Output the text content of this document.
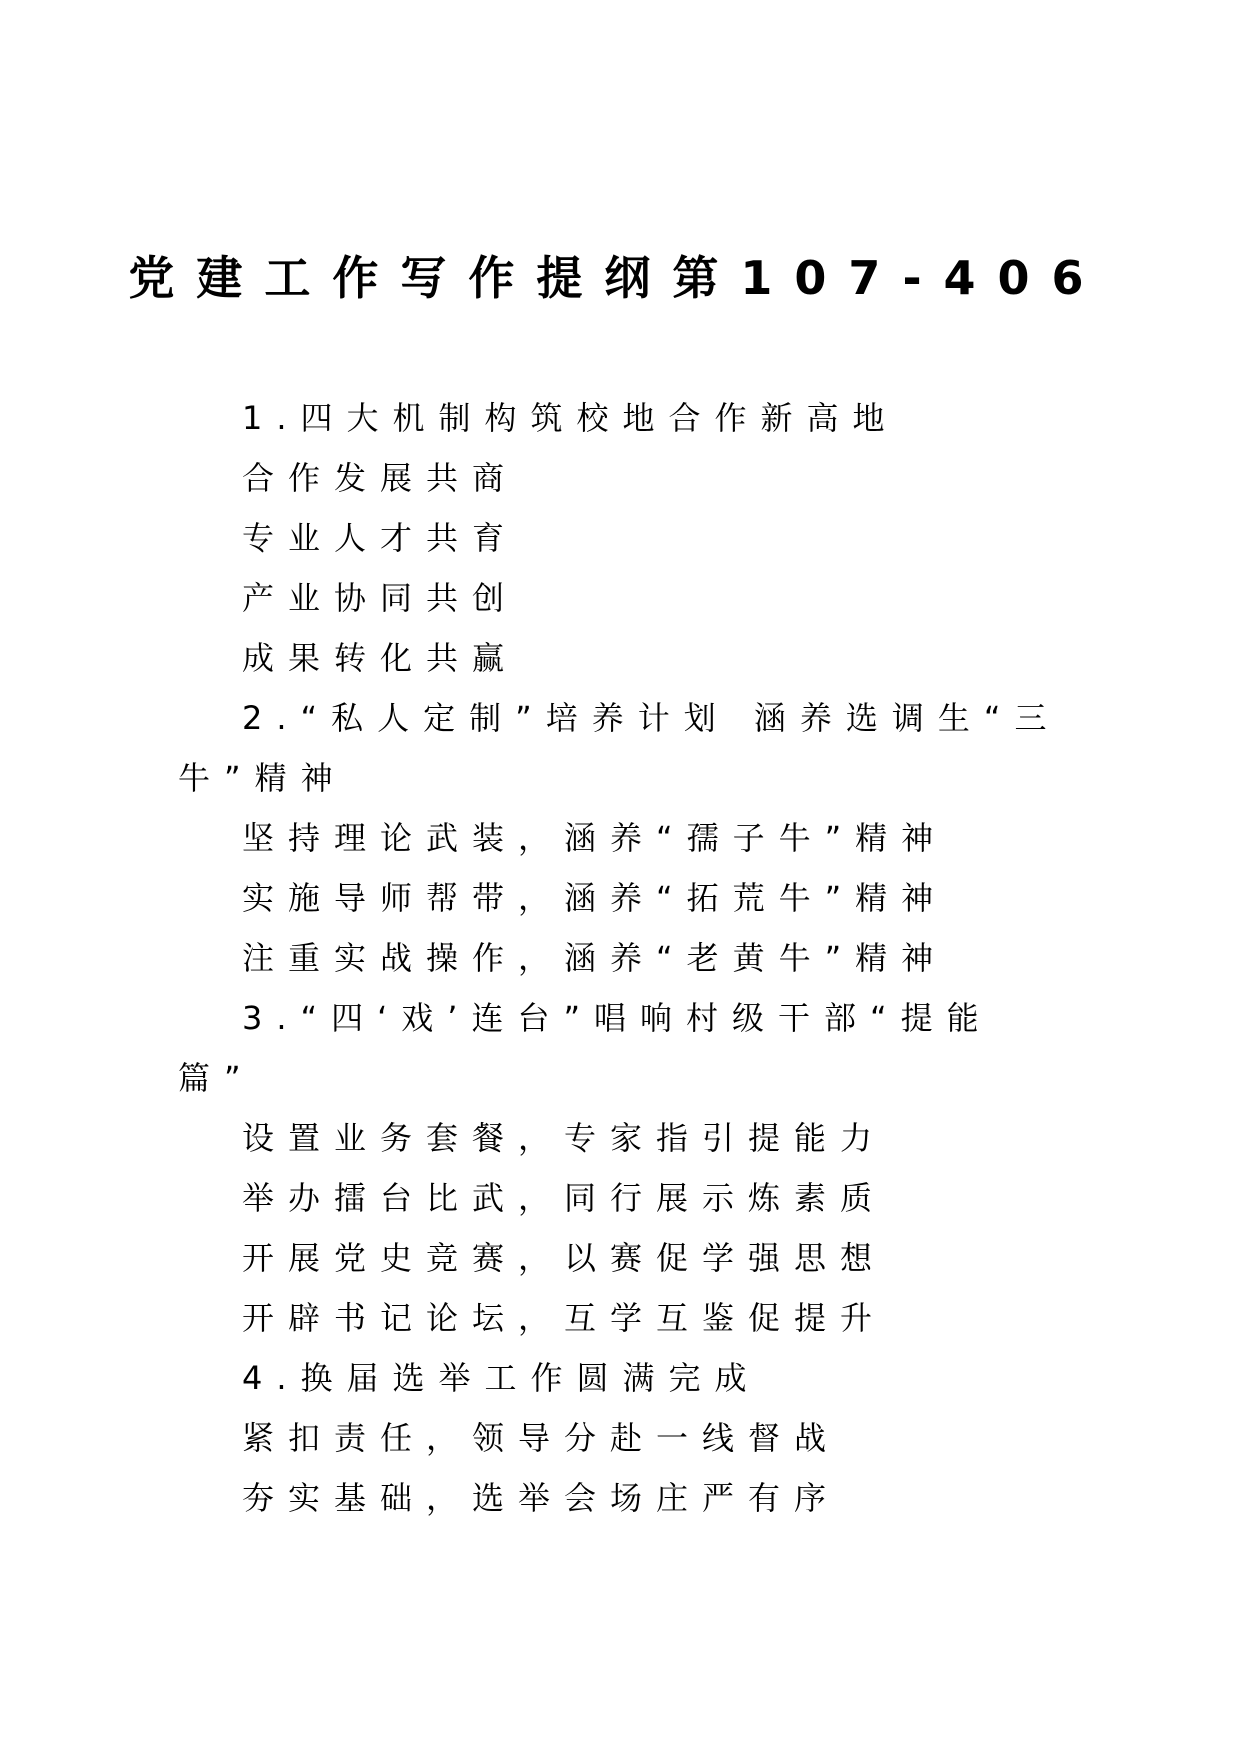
党建工作写作提纲第107-406
1.四大机制构筑校地合作新高地
合作发展共商
专业人才共育
产业协同共创
成果转化共赢
2.“私人定制”培养计划 涵养选调生“三
牛”精神
坚持理论武装，涵养“孺子牛”精神
实施导师帮带，涵养“拓荒牛”精神
注重实战操作，涵养“老黄牛”精神
3.“四‘戏’连台”唱响村级干部“提能
篇”
设置业务套餐，专家指引提能力
举办擂台比武，同行展示炼素质
开展党史竞赛，以赛促学强思想
开辟书记论坛，互学互鉴促提升
4.换届选举工作圆满完成
紧扣责任，领导分赴一线督战
夯实基础，选举会场庄严有序
